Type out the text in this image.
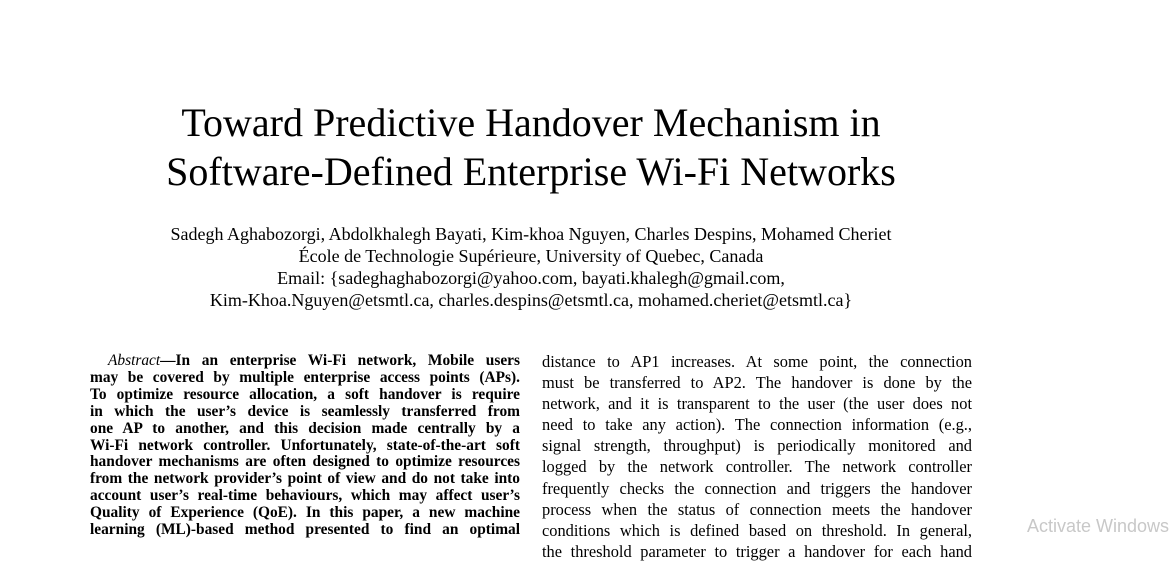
Toward Predictive Handover Mechanism in
Software-Defined Enterprise Wi-Fi Networks
Sadegh Aghabozorgi, Abdolkhalegh Bayati, Kim-khoa Nguyen, Charles Despins, Mohamed Cheriet
École de Technologie Supérieure, University of Quebec, Canada
Email: {sadeghaghabozorgi@yahoo.com, bayati.khalegh@gmail.com,
Kim-Khoa.Nguyen@etsmtl.ca, charles.despins@etsmtl.ca, mohamed.cheriet@etsmtl.ca}
Abstract—In an enterprise Wi-Fi network, Mobile users
may be covered by multiple enterprise access points (APs).
To optimize resource allocation, a soft handover is require
in which the user’s device is seamlessly transferred from
one AP to another, and this decision made centrally by a
Wi-Fi network controller. Unfortunately, state-of-the-art soft
handover mechanisms are often designed to optimize resources
from the network provider’s point of view and do not take into
account user’s real-time behaviours, which may affect user’s
Quality of Experience (QoE). In this paper, a new machine
learning (ML)-based method presented to find an optimal
distance to AP1 increases. At some point, the connection
must be transferred to AP2. The handover is done by the
network, and it is transparent to the user (the user does not
need to take any action). The connection information (e.g.,
signal strength, throughput) is periodically monitored and
logged by the network controller. The network controller
frequently checks the connection and triggers the handover
process when the status of connection meets the handover
conditions which is defined based on threshold. In general,
the threshold parameter to trigger a handover for each hand
Activate Windows
